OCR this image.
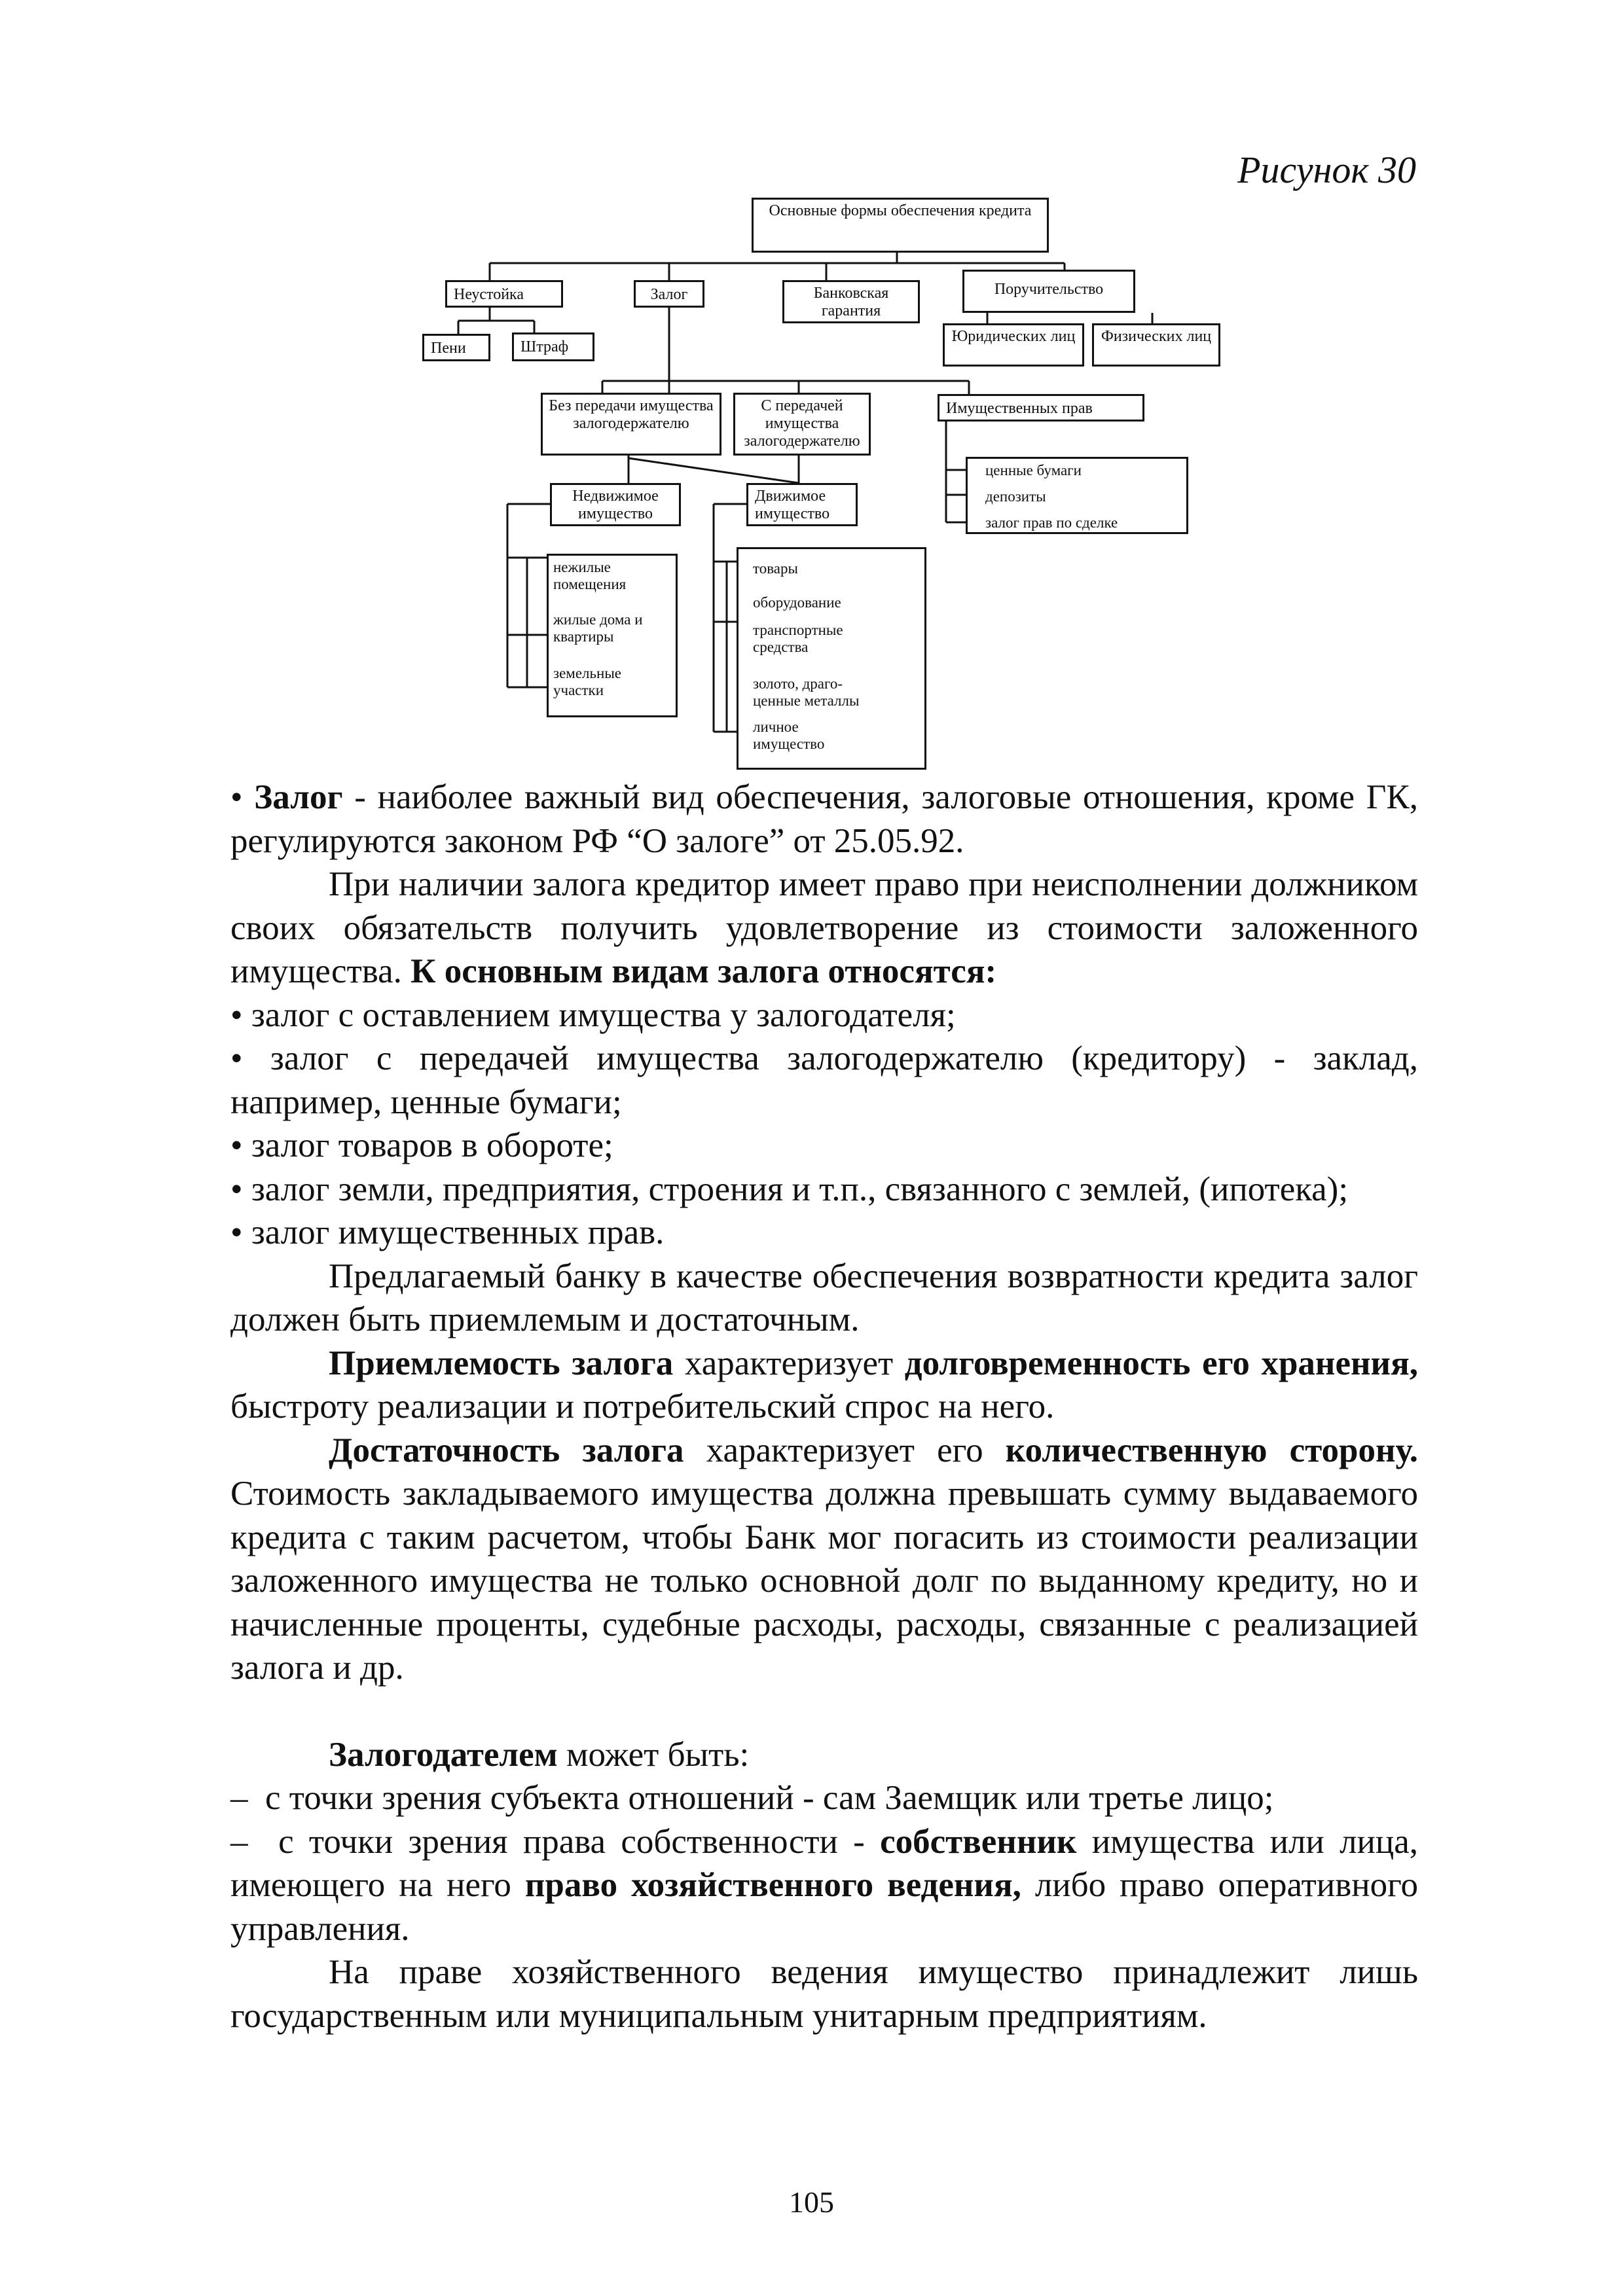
Рисунок 30
Основные формы обеспечения кредита
Неустойка	Залог	Банковская гарантия
Поручительство
Пени	Штраф
Юридических лиц	Физических лиц
Без передачи имущества залогодержателю
С передачей имущества залогодержателю
Имущественных прав
ценные бумаги
депозиты
залог прав по сделке
Недвижимое имущество
Движимое имущество
нежилые помещения
жилые дома и квартиры
земельные участки
товары
оборудование
транспортные средства
золото, драго-ценные металлы
личное имущество

• Залог - наиболее важный вид обеспечения, залоговые отношения, кроме ГК, регулируются законом РФ “О залоге” от 25.05.92.

При наличии залога кредитор имеет право при неисполнении должником своих обязательств получить удовлетворение из стоимости заложенного имущества. К основным видам залога относятся:

• залог с оставлением имущества у залогодателя;

• залог с передачей имущества залогодержателю (кредитору) - заклад, например, ценные бумаги;

• залог товаров в обороте;

• залог земли, предприятия, строения и т.п., связанного с землей, (ипотека);

• залог имущественных прав.

Предлагаемый банку в качестве обеспечения возвратности кредита залог должен быть приемлемым и достаточным.

Приемлемость залога характеризует долговременность его хранения, быстроту реализации и потребительский спрос на него.

Достаточность залога характеризует его количественную сторону. Стоимость закладываемого имущества должна превышать сумму выдаваемого кредита с таким расчетом, чтобы Банк мог погасить из стоимости реализации заложенного имущества не только основной долг по выданному кредиту, но и начисленные проценты, судебные расходы, расходы, связанные с реализацией залога и др.

Залогодателем может быть:

– с точки зрения субъекта отношений - сам Заемщик или третье лицо;

– с точки зрения права собственности - собственник имущества или лица, имеющего на него право хозяйственного ведения, либо право оперативного управления.

На праве хозяйственного ведения имущество принадлежит лишь государственным или муниципальным унитарным предприятиям.

105
